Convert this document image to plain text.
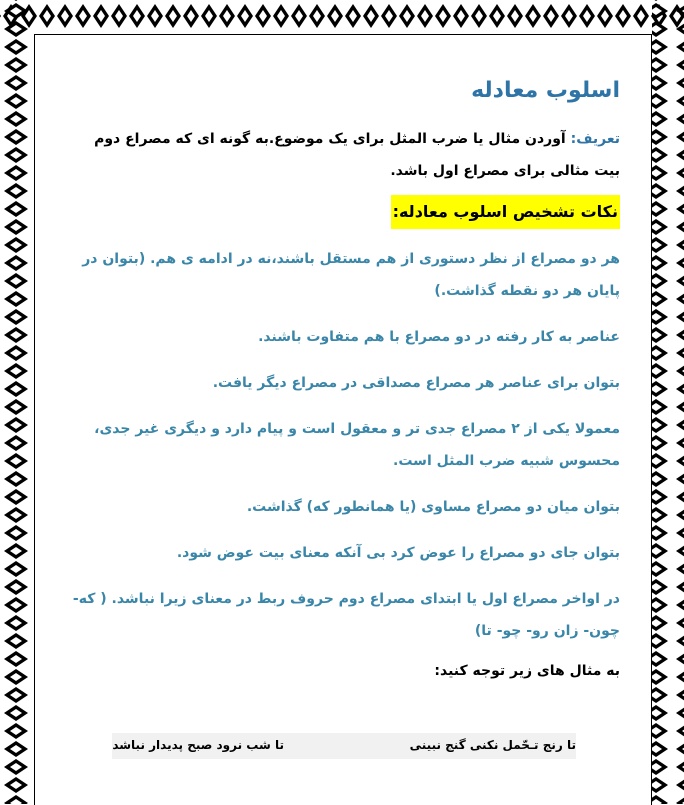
اسلوب معادله
تعریف: آوردن مثال یا ضرب المثل برای یک موضوع.به گونه ای که مصراع دوم بیت مثالی برای مصراع اول باشد.
نکات تشخیص اسلوب معادله:
هر دو مصراع از نظر دستوری از هم مستقل باشند،نه در ادامه ی هم. (بتوان در پایان هر دو نقطه گذاشت.)
عناصر به کار رفته در دو مصراع با هم متفاوت باشند.
بتوان برای عناصر هر مصراع مصداقی در مصراع دیگر یافت.
معمولا یکی از ۲ مصراع جدی تر و معقول است و پیام دارد و دیگری غیر جدی، محسوس شبیه ضرب المثل است.
بتوان میان دو مصراع مساوی (یا همانطور که) گذاشت.
بتوان جای دو مصراع را عوض کرد بی آنکه معنای بیت عوض شود.
در اواخر مصراع اول یا ابتدای مصراع دوم حروف ربط در معنای زیرا نباشد. ( که- چون- زان رو- چو- تا)
به مثال های زیر توجه کنید:
تا رنج تـحّمل نکنی گنج نبینی
تا شب نرود صبح پدیدار نباشد
